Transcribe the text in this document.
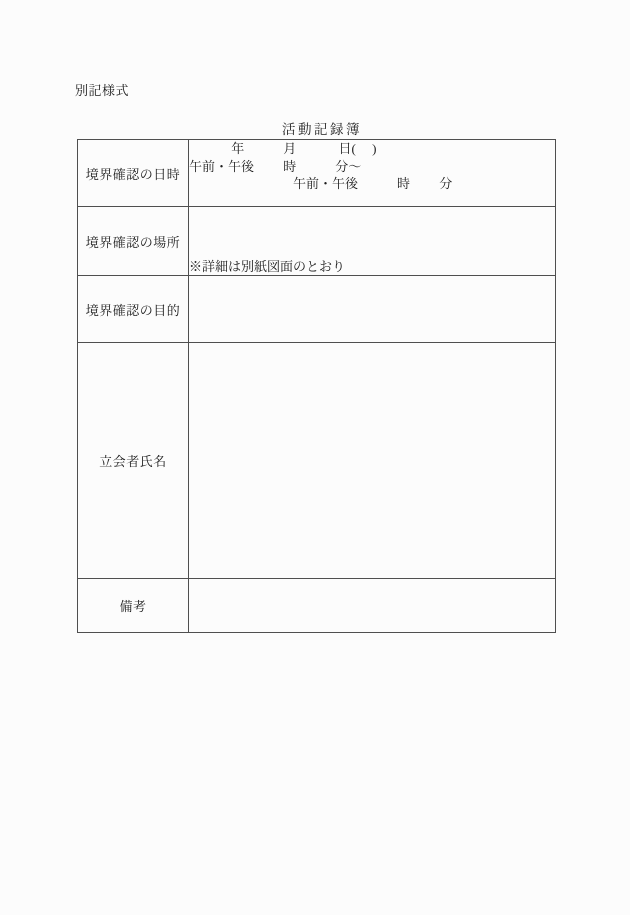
別記様式
活動記録簿
境界確認の日時	　　　 年　　　月　　　 日(　 )
午前・午後　　 時　　　分～
　　　　　　　　午前・午後　　　時　　 分

境界確認の場所	※詳細は別紙図面のとおり

境界確認の目的	
立会者氏名	
備考	
